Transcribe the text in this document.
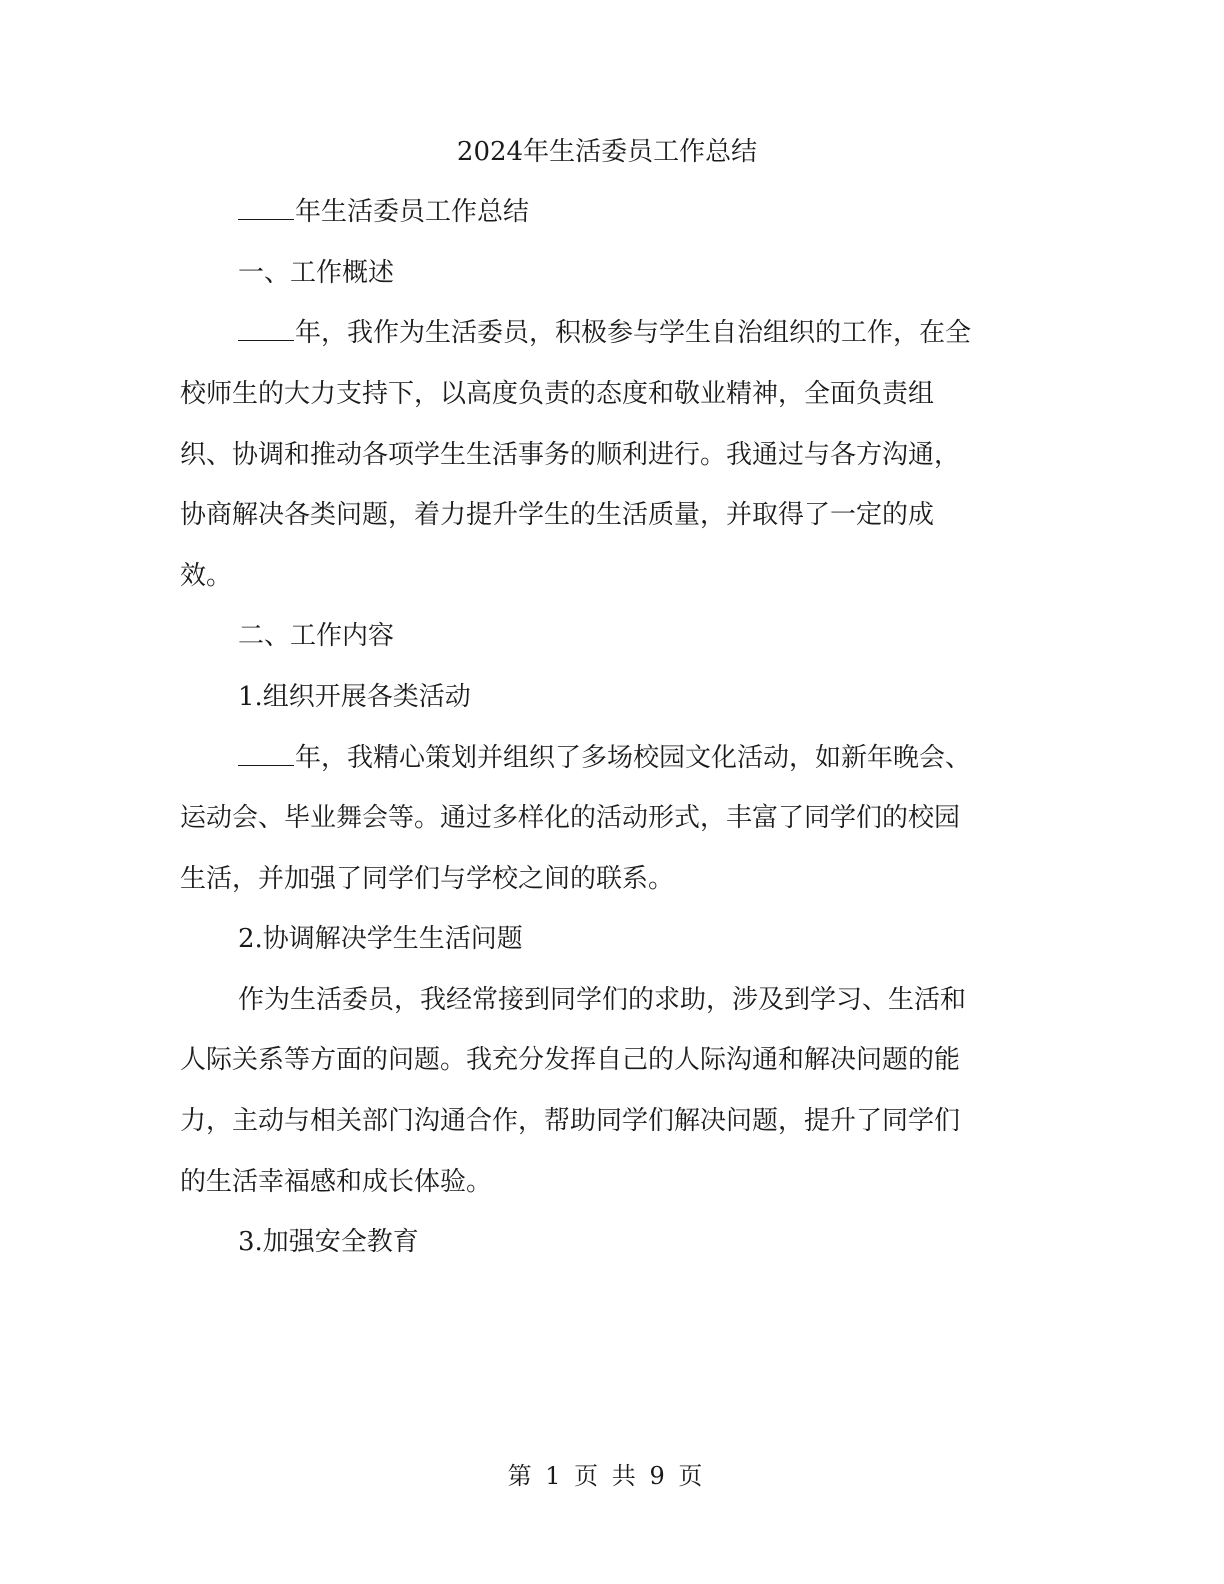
2024年生活委员工作总结

年生活委员工作总结

一、工作概述

年，我作为生活委员，积极参与学生自治组织的工作，在全

校师生的大力支持下，以高度负责的态度和敬业精神，全面负责组

织、协调和推动各项学生生活事务的顺利进行。我通过与各方沟通，

协商解决各类问题，着力提升学生的生活质量，并取得了一定的成

效。

二、工作内容

1.组织开展各类活动

年，我精心策划并组织了多场校园文化活动，如新年晚会、

运动会、毕业舞会等。通过多样化的活动形式，丰富了同学们的校园

生活，并加强了同学们与学校之间的联系。

2.协调解决学生生活问题

作为生活委员，我经常接到同学们的求助，涉及到学习、生活和

人际关系等方面的问题。我充分发挥自己的人际沟通和解决问题的能

力，主动与相关部门沟通合作，帮助同学们解决问题，提升了同学们

的生活幸福感和成长体验。

3.加强安全教育

第 1 页 共 9 页
